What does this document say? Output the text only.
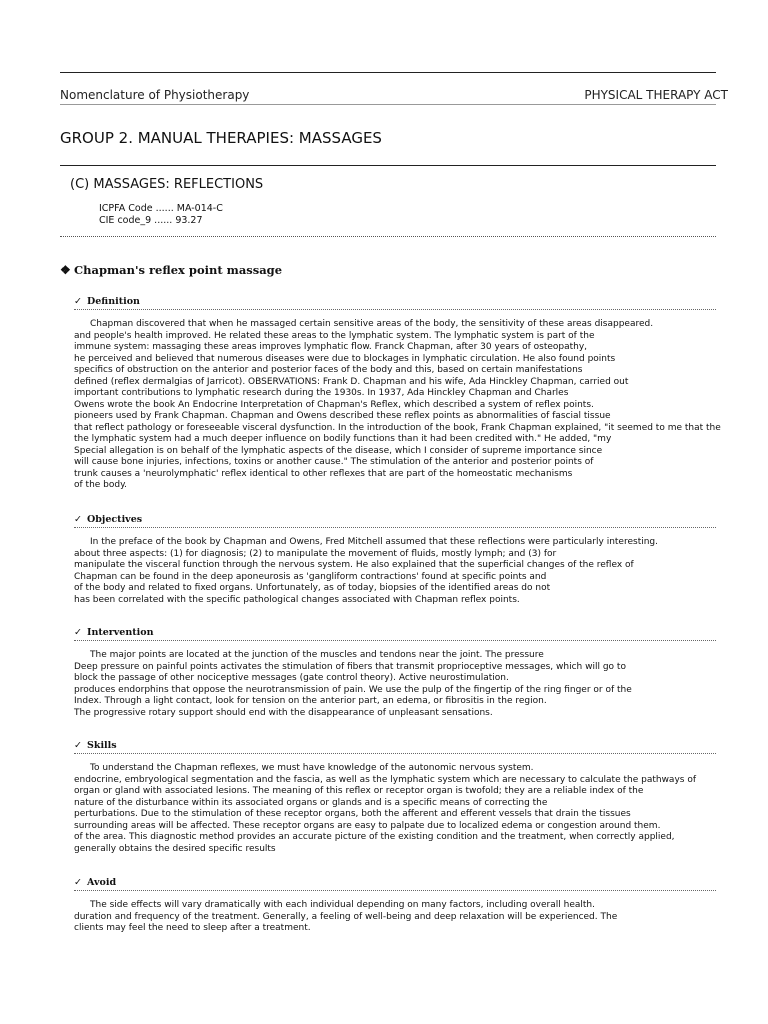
Nomenclature of Physiotherapy	PHYSICAL THERAPY ACT
GROUP 2. MANUAL THERAPIES: MASSAGES
(C) MASSAGES: REFLECTIONS
ICPFA Code ...... MA-014-C
CIE code_9 ...... 93.27
❖ Chapman's reflex point massage
✓ Definition
Chapman discovered that when he massaged certain sensitive areas of the body, the sensitivity of these areas disappeared.
and people's health improved. He related these areas to the lymphatic system. The lymphatic system is part of the
immune system: massaging these areas improves lymphatic flow. Franck Chapman, after 30 years of osteopathy,
he perceived and believed that numerous diseases were due to blockages in lymphatic circulation. He also found points
specifics of obstruction on the anterior and posterior faces of the body and this, based on certain manifestations
defined (reflex dermalgias of Jarricot). OBSERVATIONS: Frank D. Chapman and his wife, Ada Hinckley Chapman, carried out
important contributions to lymphatic research during the 1930s. In 1937, Ada Hinckley Chapman and Charles
Owens wrote the book An Endocrine Interpretation of Chapman's Reflex, which described a system of reflex points.
pioneers used by Frank Chapman. Chapman and Owens described these reflex points as abnormalities of fascial tissue
that reflect pathology or foreseeable visceral dysfunction. In the introduction of the book, Frank Chapman explained, "it seemed to me that the
the lymphatic system had a much deeper influence on bodily functions than it had been credited with." He added, "my
Special allegation is on behalf of the lymphatic aspects of the disease, which I consider of supreme importance since
will cause bone injuries, infections, toxins or another cause." The stimulation of the anterior and posterior points of
trunk causes a 'neurolymphatic' reflex identical to other reflexes that are part of the homeostatic mechanisms
of the body.
✓ Objectives
In the preface of the book by Chapman and Owens, Fred Mitchell assumed that these reflections were particularly interesting.
about three aspects: (1) for diagnosis; (2) to manipulate the movement of fluids, mostly lymph; and (3) for
manipulate the visceral function through the nervous system. He also explained that the superficial changes of the reflex of
Chapman can be found in the deep aponeurosis as 'gangliform contractions' found at specific points and
of the body and related to fixed organs. Unfortunately, as of today, biopsies of the identified areas do not
has been correlated with the specific pathological changes associated with Chapman reflex points.
✓ Intervention
The major points are located at the junction of the muscles and tendons near the joint. The pressure
Deep pressure on painful points activates the stimulation of fibers that transmit proprioceptive messages, which will go to
block the passage of other nociceptive messages (gate control theory). Active neurostimulation.
produces endorphins that oppose the neurotransmission of pain. We use the pulp of the fingertip of the ring finger or of the
Index. Through a light contact, look for tension on the anterior part, an edema, or fibrositis in the region.
The progressive rotary support should end with the disappearance of unpleasant sensations.
✓ Skills
To understand the Chapman reflexes, we must have knowledge of the autonomic nervous system.
endocrine, embryological segmentation and the fascia, as well as the lymphatic system which are necessary to calculate the pathways of
organ or gland with associated lesions. The meaning of this reflex or receptor organ is twofold; they are a reliable index of the
nature of the disturbance within its associated organs or glands and is a specific means of correcting the
perturbations. Due to the stimulation of these receptor organs, both the afferent and efferent vessels that drain the tissues
surrounding areas will be affected. These receptor organs are easy to palpate due to localized edema or congestion around them.
of the area. This diagnostic method provides an accurate picture of the existing condition and the treatment, when correctly applied,
generally obtains the desired specific results
✓ Avoid
The side effects will vary dramatically with each individual depending on many factors, including overall health.
duration and frequency of the treatment. Generally, a feeling of well-being and deep relaxation will be experienced. The
clients may feel the need to sleep after a treatment.
